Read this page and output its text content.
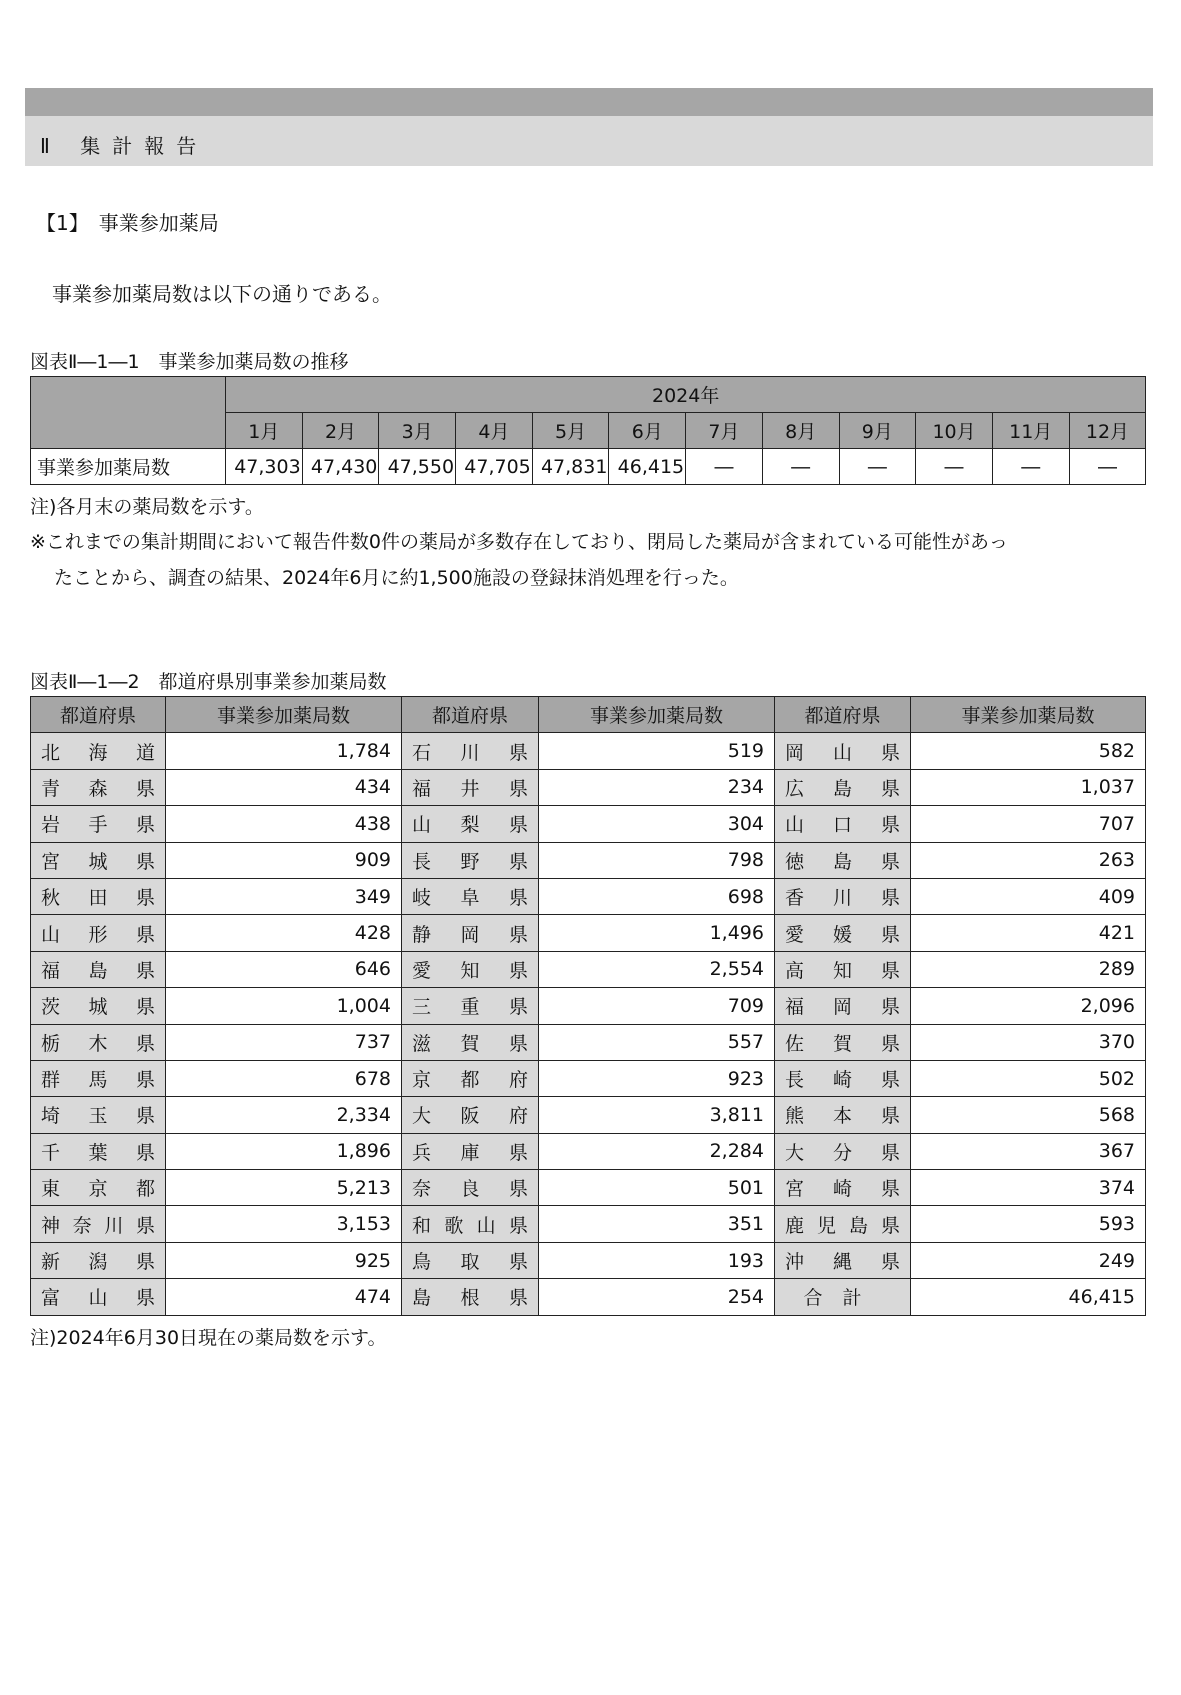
Ⅱ 集計報告
【1】　事業参加薬局
事業参加薬局数は以下の通りである。
図表Ⅱ―1―1　事業参加薬局数の推移
	2024年											
	1月	2月	3月	4月	5月	6月	7月	8月	9月	10月	11月	12月
事業参加薬局数	47,303	47,430	47,550	47,705	47,831	46,415	―	―	―	―	―	―
注)各月末の薬局数を示す。
※これまでの集計期間において報告件数0件の薬局が多数存在しており、閉局した薬局が含まれている可能性があっ
たことから、調査の結果、2024年6月に約1,500施設の登録抹消処理を行った。
図表Ⅱ―1―2　都道府県別事業参加薬局数
都道府県	事業参加薬局数	都道府県	事業参加薬局数	都道府県	事業参加薬局数
北海道	1,784	石川県	519	岡山県	582
青森県	434	福井県	234	広島県	1,037
岩手県	438	山梨県	304	山口県	707
宮城県	909	長野県	798	徳島県	263
秋田県	349	岐阜県	698	香川県	409
山形県	428	静岡県	1,496	愛媛県	421
福島県	646	愛知県	2,554	高知県	289
茨城県	1,004	三重県	709	福岡県	2,096
栃木県	737	滋賀県	557	佐賀県	370
群馬県	678	京都府	923	長崎県	502
埼玉県	2,334	大阪府	3,811	熊本県	568
千葉県	1,896	兵庫県	2,284	大分県	367
東京都	5,213	奈良県	501	宮崎県	374
神奈川県	3,153	和歌山県	351	鹿児島県	593
新潟県	925	鳥取県	193	沖縄県	249
富山県	474	島根県	254	合計	46,415
注)2024年6月30日現在の薬局数を示す。
